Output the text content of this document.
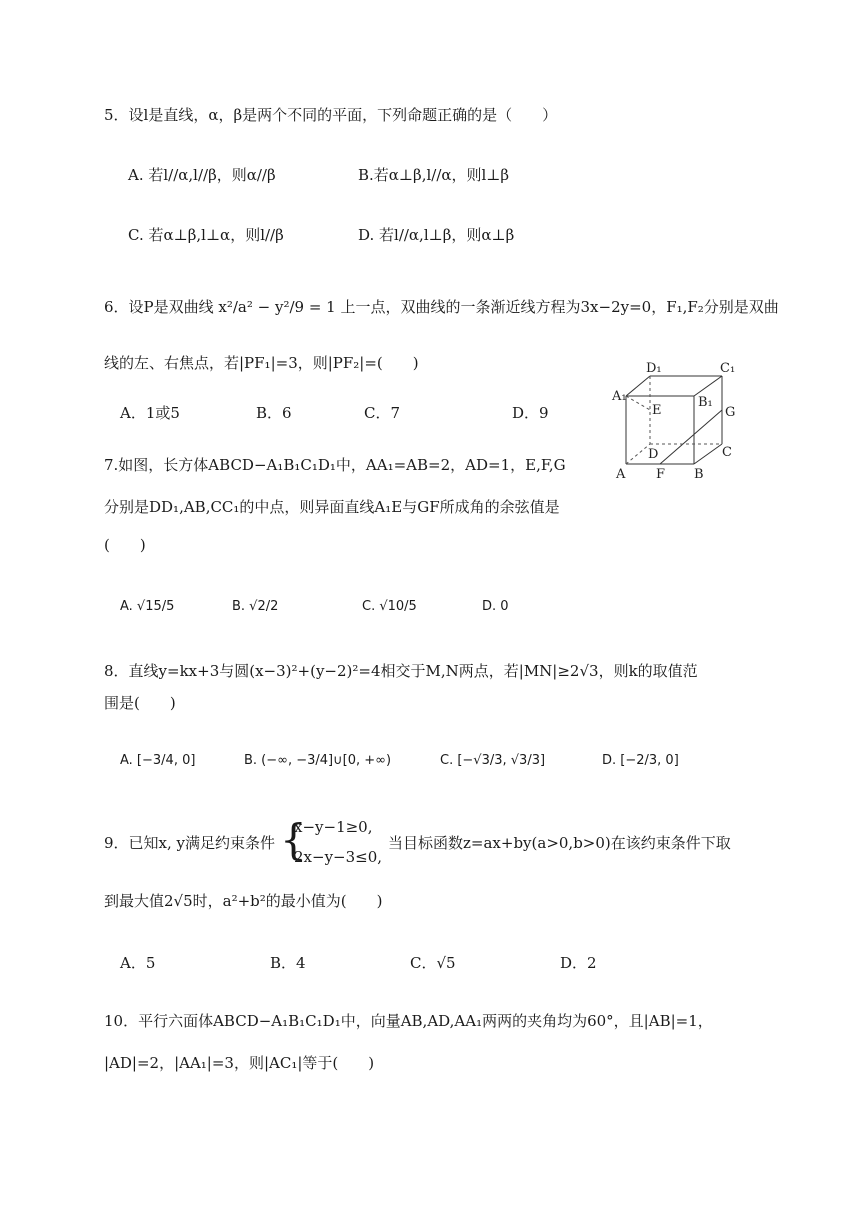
5．设l是直线，α，β是两个不同的平面，下列命题正确的是（　　）
A. 若l//α,l//β，则α//β	B.若α⊥β,l//α，则l⊥β
C. 若α⊥β,l⊥α，则l//β	D. 若l//α,l⊥β，则α⊥β
6．设P是双曲线 x²/a² − y²/9 = 1 上一点，双曲线的一条渐近线方程为3x−2y=0，F₁,F₂分别是双曲
线的左、右焦点，若|PF₁|=3，则|PF₂|=(　　)
A．1或5	B．6	C．7	D．9
D₁	C₁
A₁	B₁
E	G
D	C
A F B
7.如图，长方体ABCD−A₁B₁C₁D₁中，AA₁=AB=2，AD=1，E,F,G
分别是DD₁,AB,CC₁的中点，则异面直线A₁E与GF所成角的余弦值是
(　　)
A. √15/5	B. √2/2	C. √10/5	D. 0
8．直线y=kx+3与圆(x−3)²+(y−2)²=4相交于M,N两点，若|MN|≥2√3，则k的取值范
围是(　　)
A. [−3/4, 0]	B. (−∞, −3/4]∪[0, +∞)	C. [−√3/3, √3/3]	D. [−2/3, 0]
9．已知x, y满足约束条件 {
x−y−1≥0,
2x−y−3≤0,
当目标函数z=ax+by(a>0,b>0)在该约束条件下取
到最大值2√5时，a²+b²的最小值为(　　)
A．5	B．4	C．√5	D．2
10．平行六面体ABCD−A₁B₁C₁D₁中，向量AB,AD,AA₁两两的夹角均为60°，且|AB|=1，
|AD|=2，|AA₁|=3，则|AC₁|等于(　　)
